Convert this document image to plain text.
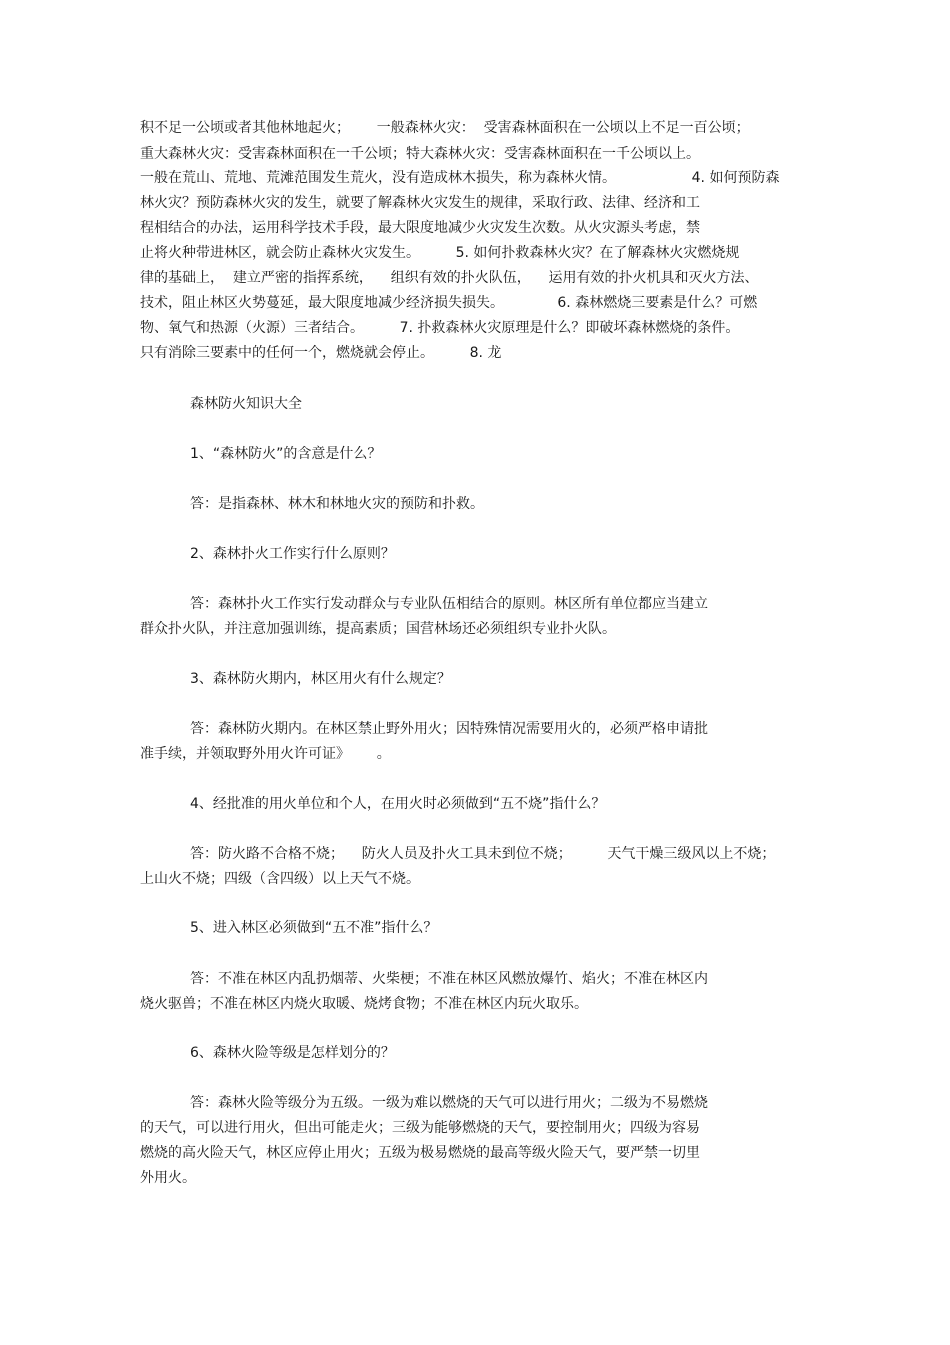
积不足一公顷或者其他林地起火；      一般森林火灾：  受害森林面积在一公顷以上不足一百公顷；
重大森林火灾：受害森林面积在一千公顷；特大森林火灾：受害森林面积在一千公顷以上。
一般在荒山、荒地、荒滩范围发生荒火，没有造成林木损失，称为森林火情。                 4. 如何预防森
林火灾？预防森林火灾的发生，就要了解森林火灾发生的规律，采取行政、法律、经济和工
程相结合的办法，运用科学技术手段，最大限度地减少火灾发生次数。从火灾源头考虑，禁
止将火种带进林区，就会防止森林火灾发生。        5. 如何扑救森林火灾？在了解森林火灾燃烧规
律的基础上，  建立严密的指挥系统，    组织有效的扑火队伍，    运用有效的扑火机具和灭火方法、
技术，阻止林区火势蔓延，最大限度地减少经济损失损失。            6. 森林燃烧三要素是什么？可燃
物、氧气和热源（火源）三者结合。        7. 扑救森林火灾原理是什么？即破坏森林燃烧的条件。
只有消除三要素中的任何一个，燃烧就会停止。        8. 龙
森林防火知识大全
1、“森林防火”的含意是什么？
答：是指森林、林木和林地火灾的预防和扑救。
2、森林扑火工作实行什么原则？
答：森林扑火工作实行发动群众与专业队伍相结合的原则。林区所有单位都应当建立
群众扑火队，并注意加强训练，提高素质；国营林场还必须组织专业扑火队。
3、森林防火期内，林区用火有什么规定？
答：森林防火期内。在林区禁止野外用火；因特殊情况需要用火的，必须严格申请批
准手续，并领取野外用火许可证》      。
4、经批准的用火单位和个人，在用火时必须做到“五不烧”指什么？
答：防火路不合格不烧；    防火人员及扑火工具未到位不烧；        天气干燥三级风以上不烧；
上山火不烧；四级（含四级）以上天气不烧。
5、进入林区必须做到“五不准”指什么？
答：不准在林区内乱扔烟蒂、火柴梗；不准在林区风燃放爆竹、焰火；不准在林区内
烧火驱兽；不准在林区内烧火取暖、烧烤食物；不准在林区内玩火取乐。
6、森林火险等级是怎样划分的？
答：森林火险等级分为五级。一级为难以燃烧的天气可以进行用火；二级为不易燃烧
的天气，可以进行用火，但出可能走火；三级为能够燃烧的天气，要控制用火；四级为容易
燃烧的高火险天气，林区应停止用火；五级为极易燃烧的最高等级火险天气，要严禁一切里
外用火。
